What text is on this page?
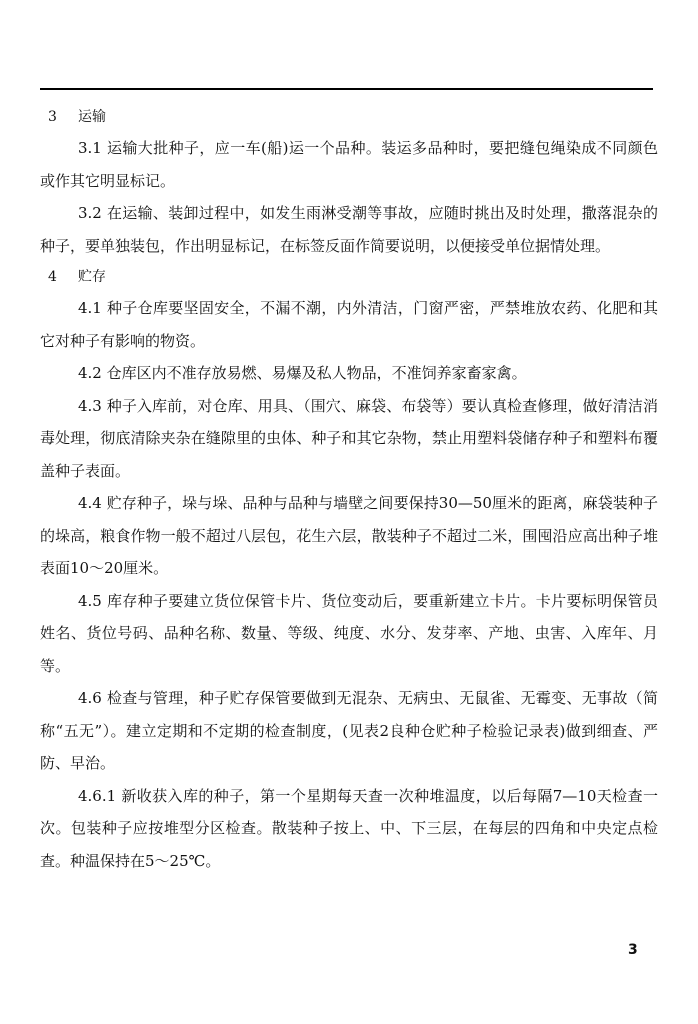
3 运输

3.1 运输大批种子，应一车(船)运一个品种。装运多品种时，要把缝包绳染成不同颜色或作其它明显标记。

3.2 在运输、装卸过程中，如发生雨淋受潮等事故，应随时挑出及时处理，撒落混杂的种子，要单独装包，作出明显标记，在标签反面作简要说明，以便接受单位据情处理。

4 贮存

4.1 种子仓库要坚固安全，不漏不潮，内外清洁，门窗严密，严禁堆放农药、化肥和其它对种子有影响的物资。

4.2 仓库区内不准存放易燃、易爆及私人物品，不准饲养家畜家禽。

4.3 种子入库前，对仓库、用具、（围穴、麻袋、布袋等）要认真检查修理，做好清洁消毒处理，彻底清除夹杂在缝隙里的虫体、种子和其它杂物，禁止用塑料袋储存种子和塑料布覆盖种子表面。

4.4 贮存种子，垛与垛、品种与品种与墙壁之间要保持30—50厘米的距离，麻袋装种子的垛高，粮食作物一般不超过八层包，花生六层，散装种子不超过二米，围囤沿应高出种子堆表面10～20厘米。

4.5 库存种子要建立货位保管卡片、货位变动后，要重新建立卡片。卡片要标明保管员姓名、货位号码、品种名称、数量、等级、纯度、水分、发芽率、产地、虫害、入库年、月等。

4.6 检查与管理，种子贮存保管要做到无混杂、无病虫、无鼠雀、无霉变、无事故（简称“五无”）。建立定期和不定期的检查制度，(见表2良种仓贮种子检验记录表)做到细查、严防、早治。

4.6.1 新收获入库的种子，第一个星期每天查一次种堆温度，以后每隔7—10天检查一次。包装种子应按堆型分区检查。散装种子按上、中、下三层，在每层的四角和中央定点检查。种温保持在5～25℃。

3
